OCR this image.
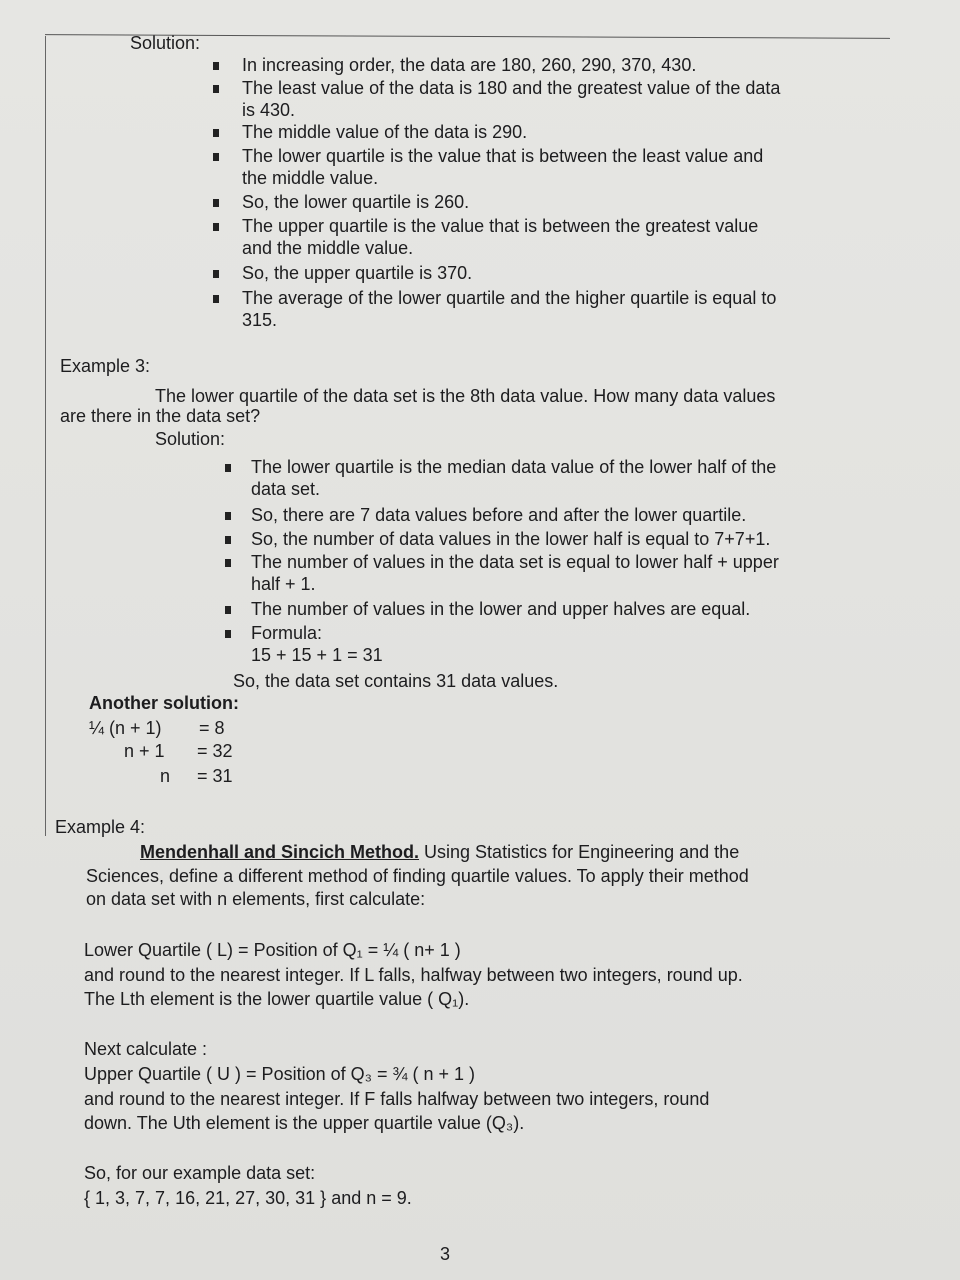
Solution:
In increasing order, the data are 180, 260, 290, 370, 430.
The least value of the data is 180 and the greatest value of the data
is 430.
The middle value of the data is 290.
The lower quartile is the value that is between the least value and
the middle value.
So, the lower quartile is 260.
The upper quartile is the value that is between the greatest value
and the middle value.
So, the upper quartile is 370.
The average of the lower quartile and the higher quartile is equal to
315.
Example 3:
The lower quartile of the data set is the 8th data value. How many data values
are there in the data set?
Solution:
The lower quartile is the median data value of the lower half of the
data set.
So, there are 7 data values before and after the lower quartile.
So, the number of data values in the lower half is equal to 7+7+1.
The number of values in the data set is equal to lower half + upper
half + 1.
The number of values in the lower and upper halves are equal.
Formula:
15 + 15 + 1 = 31
So, the data set contains 31 data values.
Another solution:
¼ (n + 1) = 8
n + 1 = 32
n = 31
Example 4:
Mendenhall and Sincich Method. Using Statistics for Engineering and the
Sciences, define a different method of finding quartile values. To apply their method
on data set with n elements, first calculate:
Lower Quartile ( L) = Position of Q₁ = ¼ ( n+ 1 )
and round to the nearest integer. If L falls, halfway between two integers, round up.
The Lth element is the lower quartile value ( Q₁).
Next calculate :
Upper Quartile ( U ) = Position of Q₃ = ¾ ( n + 1 )
and round to the nearest integer. If F falls halfway between two integers, round
down. The Uth element is the upper quartile value (Q₃).
So, for our example data set:
{ 1, 3, 7, 7, 16, 21, 27, 30, 31 } and n = 9.
3
